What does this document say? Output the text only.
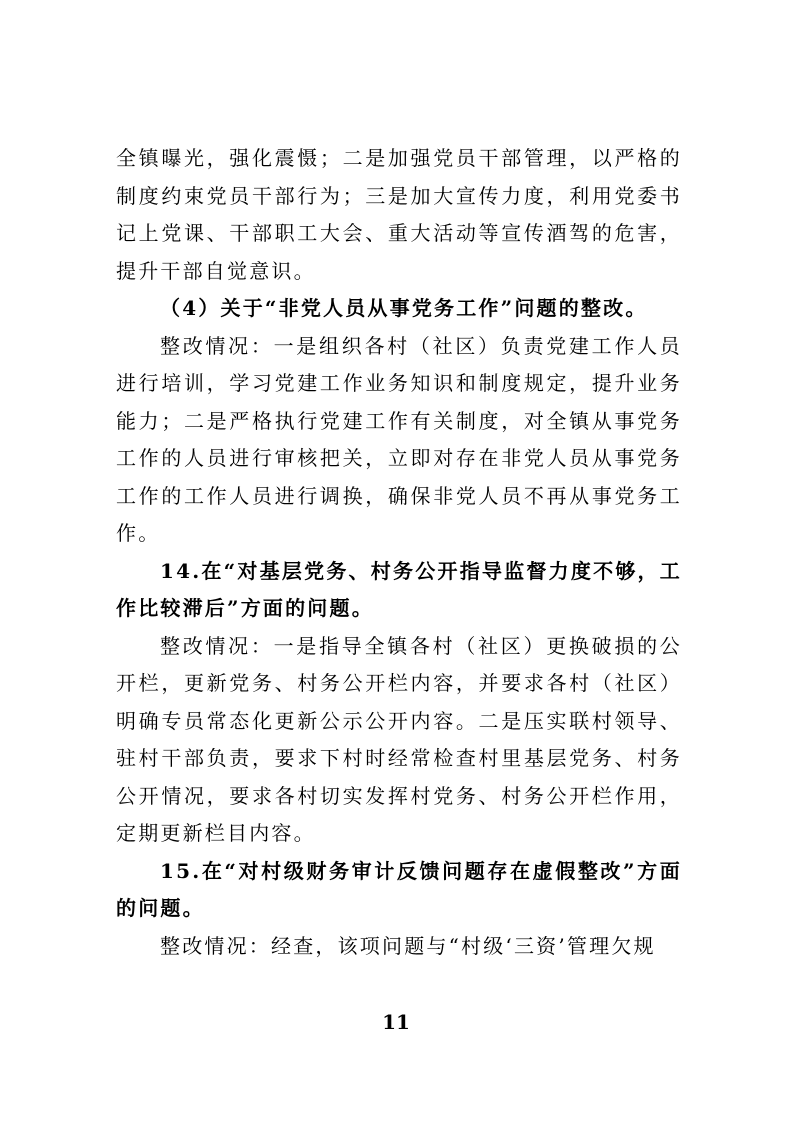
全镇曝光，强化震慑；二是加强党员干部管理，以严格的制度约束党员干部行为；三是加大宣传力度，利用党委书记上党课、干部职工大会、重大活动等宣传酒驾的危害，提升干部自觉意识。

（4）关于“非党人员从事党务工作”问题的整改。

整改情况：一是组织各村（社区）负责党建工作人员进行培训，学习党建工作业务知识和制度规定，提升业务能力；二是严格执行党建工作有关制度，对全镇从事党务工作的人员进行审核把关，立即对存在非党人员从事党务工作的工作人员进行调换，确保非党人员不再从事党务工作。

14.在“对基层党务、村务公开指导监督力度不够，工作比较滞后”方面的问题。

整改情况：一是指导全镇各村（社区）更换破损的公开栏，更新党务、村务公开栏内容，并要求各村（社区）明确专员常态化更新公示公开内容。二是压实联村领导、驻村干部负责，要求下村时经常检查村里基层党务、村务公开情况，要求各村切实发挥村党务、村务公开栏作用，定期更新栏目内容。

15.在“对村级财务审计反馈问题存在虚假整改”方面的问题。

整改情况：经查，该项问题与“村级‘三资’管理欠规

11
